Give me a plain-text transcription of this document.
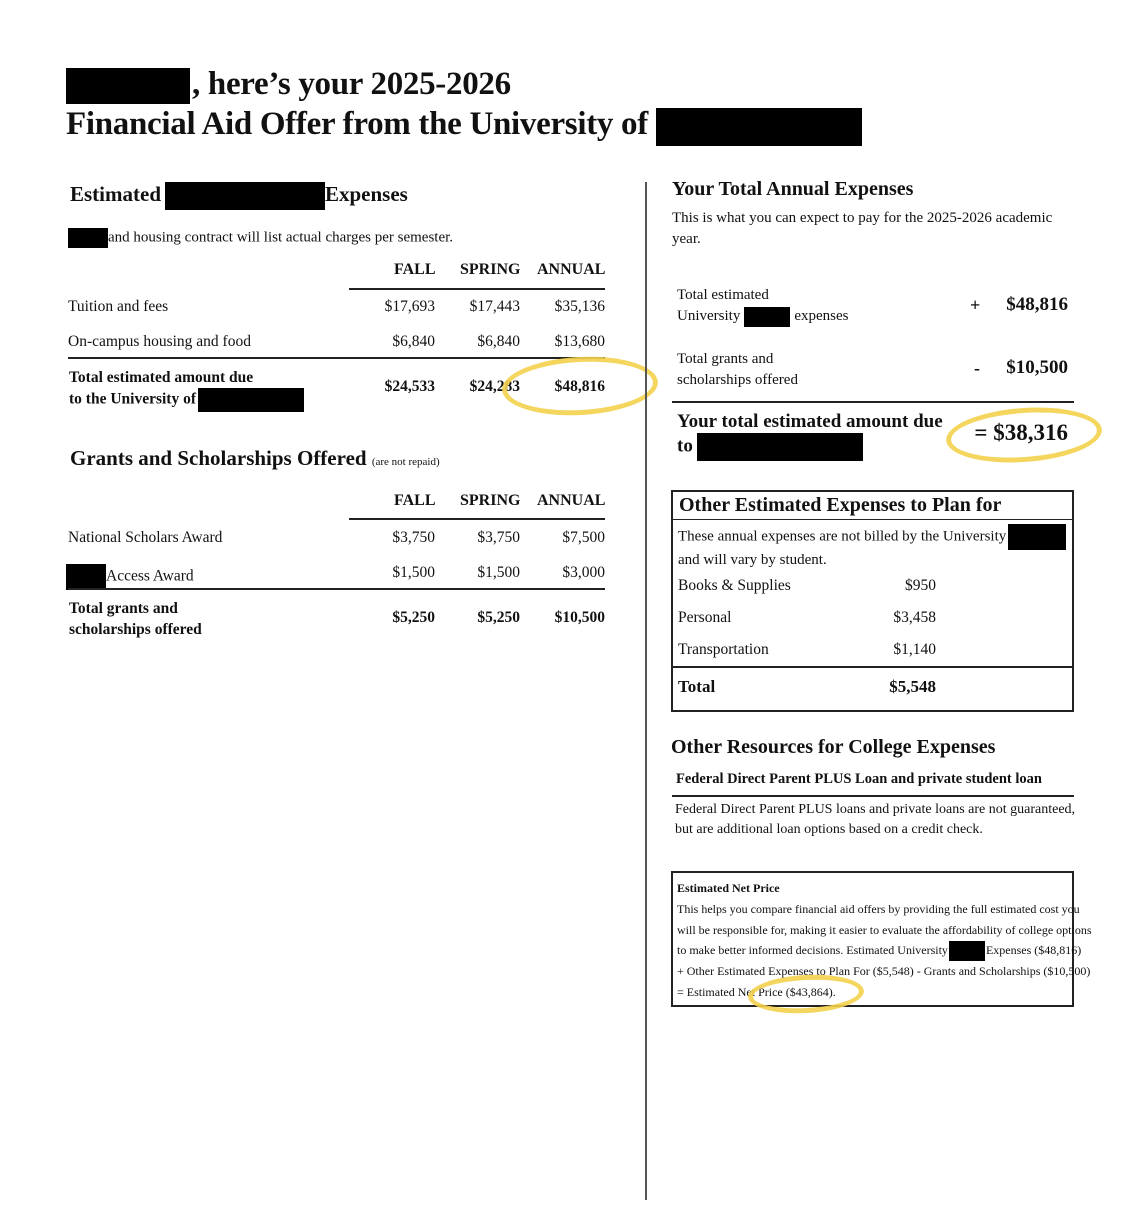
, here’s your 2025-2026
Financial Aid Offer from the University of
Estimated	Expenses
and housing contract will list actual charges per semester.
FALL SPRING ANNUAL
Tuition and fees	$17,693	$17,443	$35,136
On-campus housing and food	$6,840	$6,840	$13,680
Total estimated amount due
to the University of
$24,533	$24,283	$48,816
Grants and Scholarships Offered (are not repaid)
FALL SPRING ANNUAL
National Scholars Award	$3,750	$3,750	$7,500
Access Award	$1,500	$1,500	$3,000
Total grants and
scholarships offered
$5,250	$5,250	$10,500
Your Total Annual Expenses
This is what you can expect to pay for the 2025-2026 academic year.
Total estimated
University	expenses
+	$48,816
Total grants and
scholarships offered
-	$10,500
Your total estimated amount due
to
= $38,316
Other Estimated Expenses to Plan for
These annual expenses are not billed by the University
and will vary by student.
Books & Supplies	$950
Personal	$3,458
Transportation	$1,140
Total	$5,548
Other Resources for College Expenses
Federal Direct Parent PLUS Loan and private student loan
Federal Direct Parent PLUS loans and private loans are not guaranteed,
but are additional loan options based on a credit check.
Estimated Net Price
This helps you compare financial aid offers by providing the full estimated cost you
will be responsible for, making it easier to evaluate the affordability of college options
to make better informed decisions. Estimated University	Expenses ($48,816)
+ Other Estimated Expenses to Plan For ($5,548) - Grants and Scholarships ($10,500)
= Estimated Net Price ($43,864).
